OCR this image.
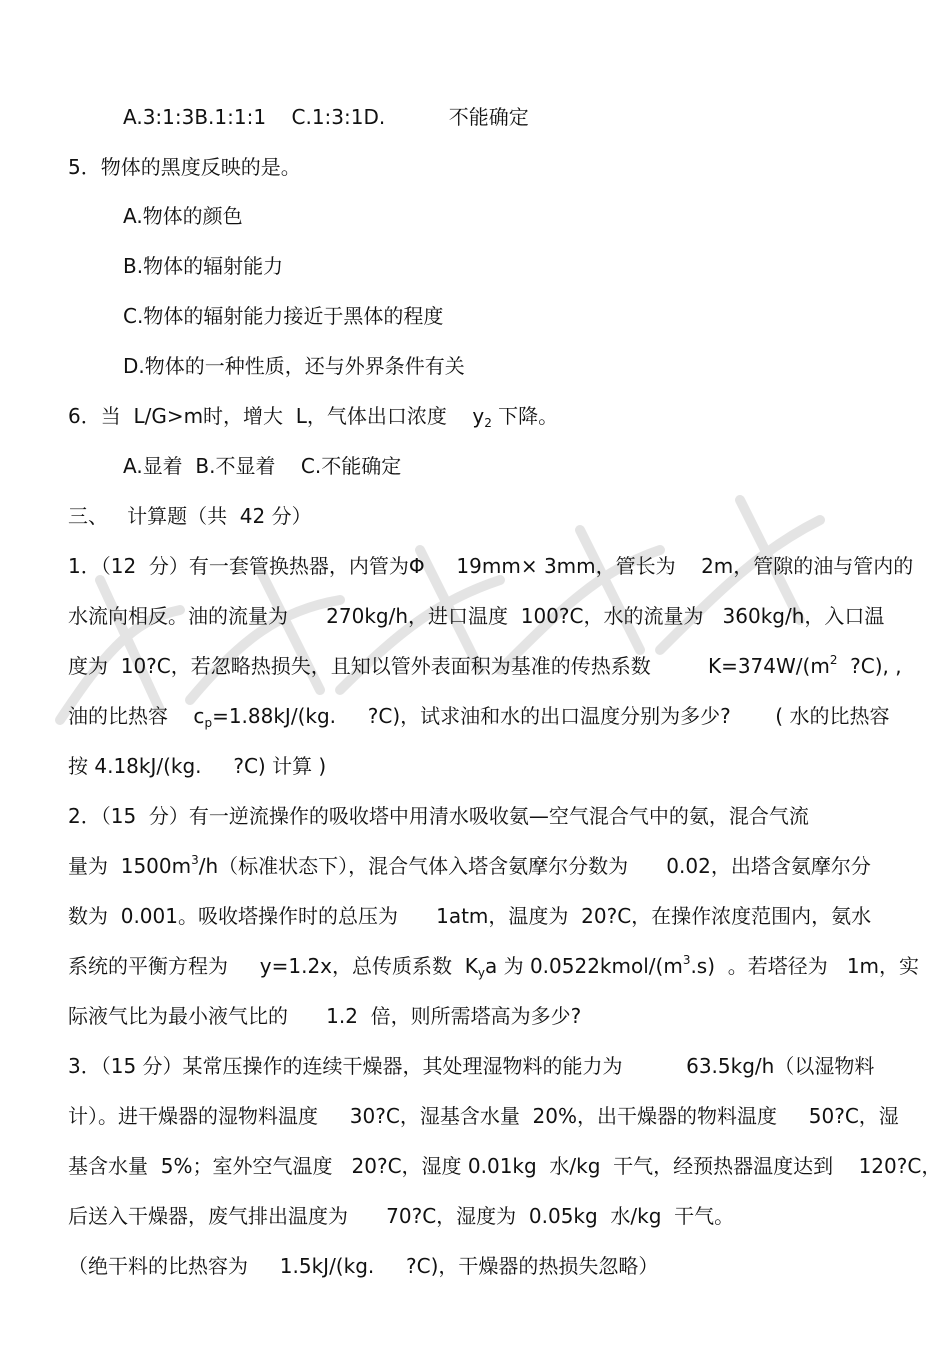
A.3:1:3B.1:1:1    C.1:3:1D.          不能确定
5．物体的黑度反映的是。
A.物体的颜色
B.物体的辐射能力
C.物体的辐射能力接近于黑体的程度
D.物体的一种性质，还与外界条件有关
6．当  L/G>m时，增大  L，气体出口浓度    $y_2$ 下降。
A.显着  B.不显着    C.不能确定
三、   计算题（共  42 分）
1．（12  分）有一套管换热器，内管为Φ     19mm× 3mm，管长为    2m，管隙的油与管内的
水流向相反。油的流量为      270kg/h，进口温度  100?C，水的流量为   360kg/h，入口温
度为  10?C，若忽略热损失，且知以管外表面积为基准的传热系数         $K=374W/(m^2$  ?C), ,
油的比热容    $c_p=1.88kJ/(kg$.     ?C)，试求油和水的出口温度分别为多少?       ( 水的比热容
按 4.18kJ/(kg.     ?C) 计算 )
2．（15  分）有一逆流操作的吸收塔中用清水吸收氨—空气混合气中的氨，混合气流
量为  $1500m^3/h$（标准状态下），混合气体入塔含氨摩尔分数为      0.02，出塔含氨摩尔分
数为  0.001。吸收塔操作时的总压为      1atm，温度为  20?C，在操作浓度范围内，氨水
系统的平衡方程为     y=1.2x，总传质系数  $K_ya$ 为 $0.0522kmol/(m^3.s)$  。若塔径为   1m，实
际液气比为最小液气比的      1.2  倍，则所需塔高为多少?
3．（15 分）某常压操作的连续干燥器，其处理湿物料的能力为          63.5kg/h（以湿物料
计）。进干燥器的湿物料温度     30?C，湿基含水量  20%，出干燥器的物料温度     50?C，湿
基含水量  5%；室外空气温度   20?C，湿度 0.01kg  水/kg  干气，经预热器温度达到    120?C，
后送入干燥器，废气排出温度为      70?C，湿度为  0.05kg  水/kg  干气。
（绝干料的比热容为     1.5kJ/(kg.     ?C)，干燥器的热损失忽略）
